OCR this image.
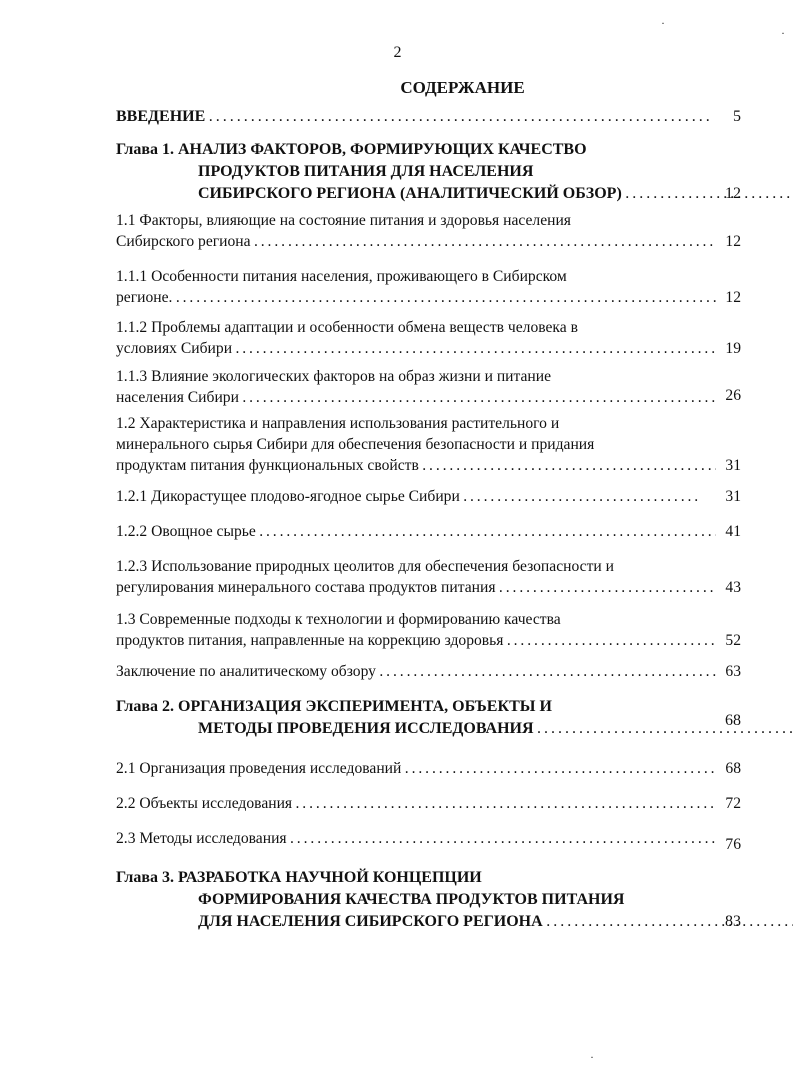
2
СОДЕРЖАНИЕ
ВВЕДЕНИЕ . . .	5
Глава 1. АНАЛИЗ ФАКТОРОВ, ФОРМИРУЮЩИХ КАЧЕСТВО
ПРОДУКТОВ ПИТАНИЯ ДЛЯ НАСЕЛЕНИЯ
СИБИРСКОГО РЕГИОНА (АНАЛИТИЧЕСКИЙ ОБЗОР) . . .	12
1.1 Факторы, влияющие на состояние питания и здоровья населения
Сибирского региона . . .	12
1.1.1 Особенности питания населения, проживающего в Сибирском
регионе. . . .	12
1.1.2 Проблемы адаптации и особенности обмена веществ человека в
условиях Сибири . . .	19
1.1.3 Влияние экологических факторов на образ жизни и питание
населения Сибири . . .	26
1.2 Характеристика и направления использования растительного и
минерального сырья Сибири для обеспечения безопасности и придания
продуктам питания функциональных свойств . . .	31
1.2.1 Дикорастущее плодово-ягодное сырье Сибири . . .	31
1.2.2 Овощное сырье . . .	41
1.2.3 Использование природных цеолитов для обеспечения безопасности и
регулирования минерального состава продуктов питания . . .	43
1.3 Современные подходы к технологии и формированию качества
продуктов питания, направленные на коррекцию здоровья . . .	52
Заключение по аналитическому обзору . . .	63
Глава 2. ОРГАНИЗАЦИЯ ЭКСПЕРИМЕНТА, ОБЪЕКТЫ И
МЕТОДЫ ПРОВЕДЕНИЯ ИССЛЕДОВАНИЯ . . .	68
2.1 Организация проведения исследований . . .	68
2.2 Объекты исследования . . .	72
2.3 Методы исследования . . .	76
Глава 3. РАЗРАБОТКА НАУЧНОЙ КОНЦЕПЦИИ
ФОРМИРОВАНИЯ КАЧЕСТВА ПРОДУКТОВ ПИТАНИЯ
ДЛЯ НАСЕЛЕНИЯ СИБИРСКОГО РЕГИОНА . . .	83
·
·
·
